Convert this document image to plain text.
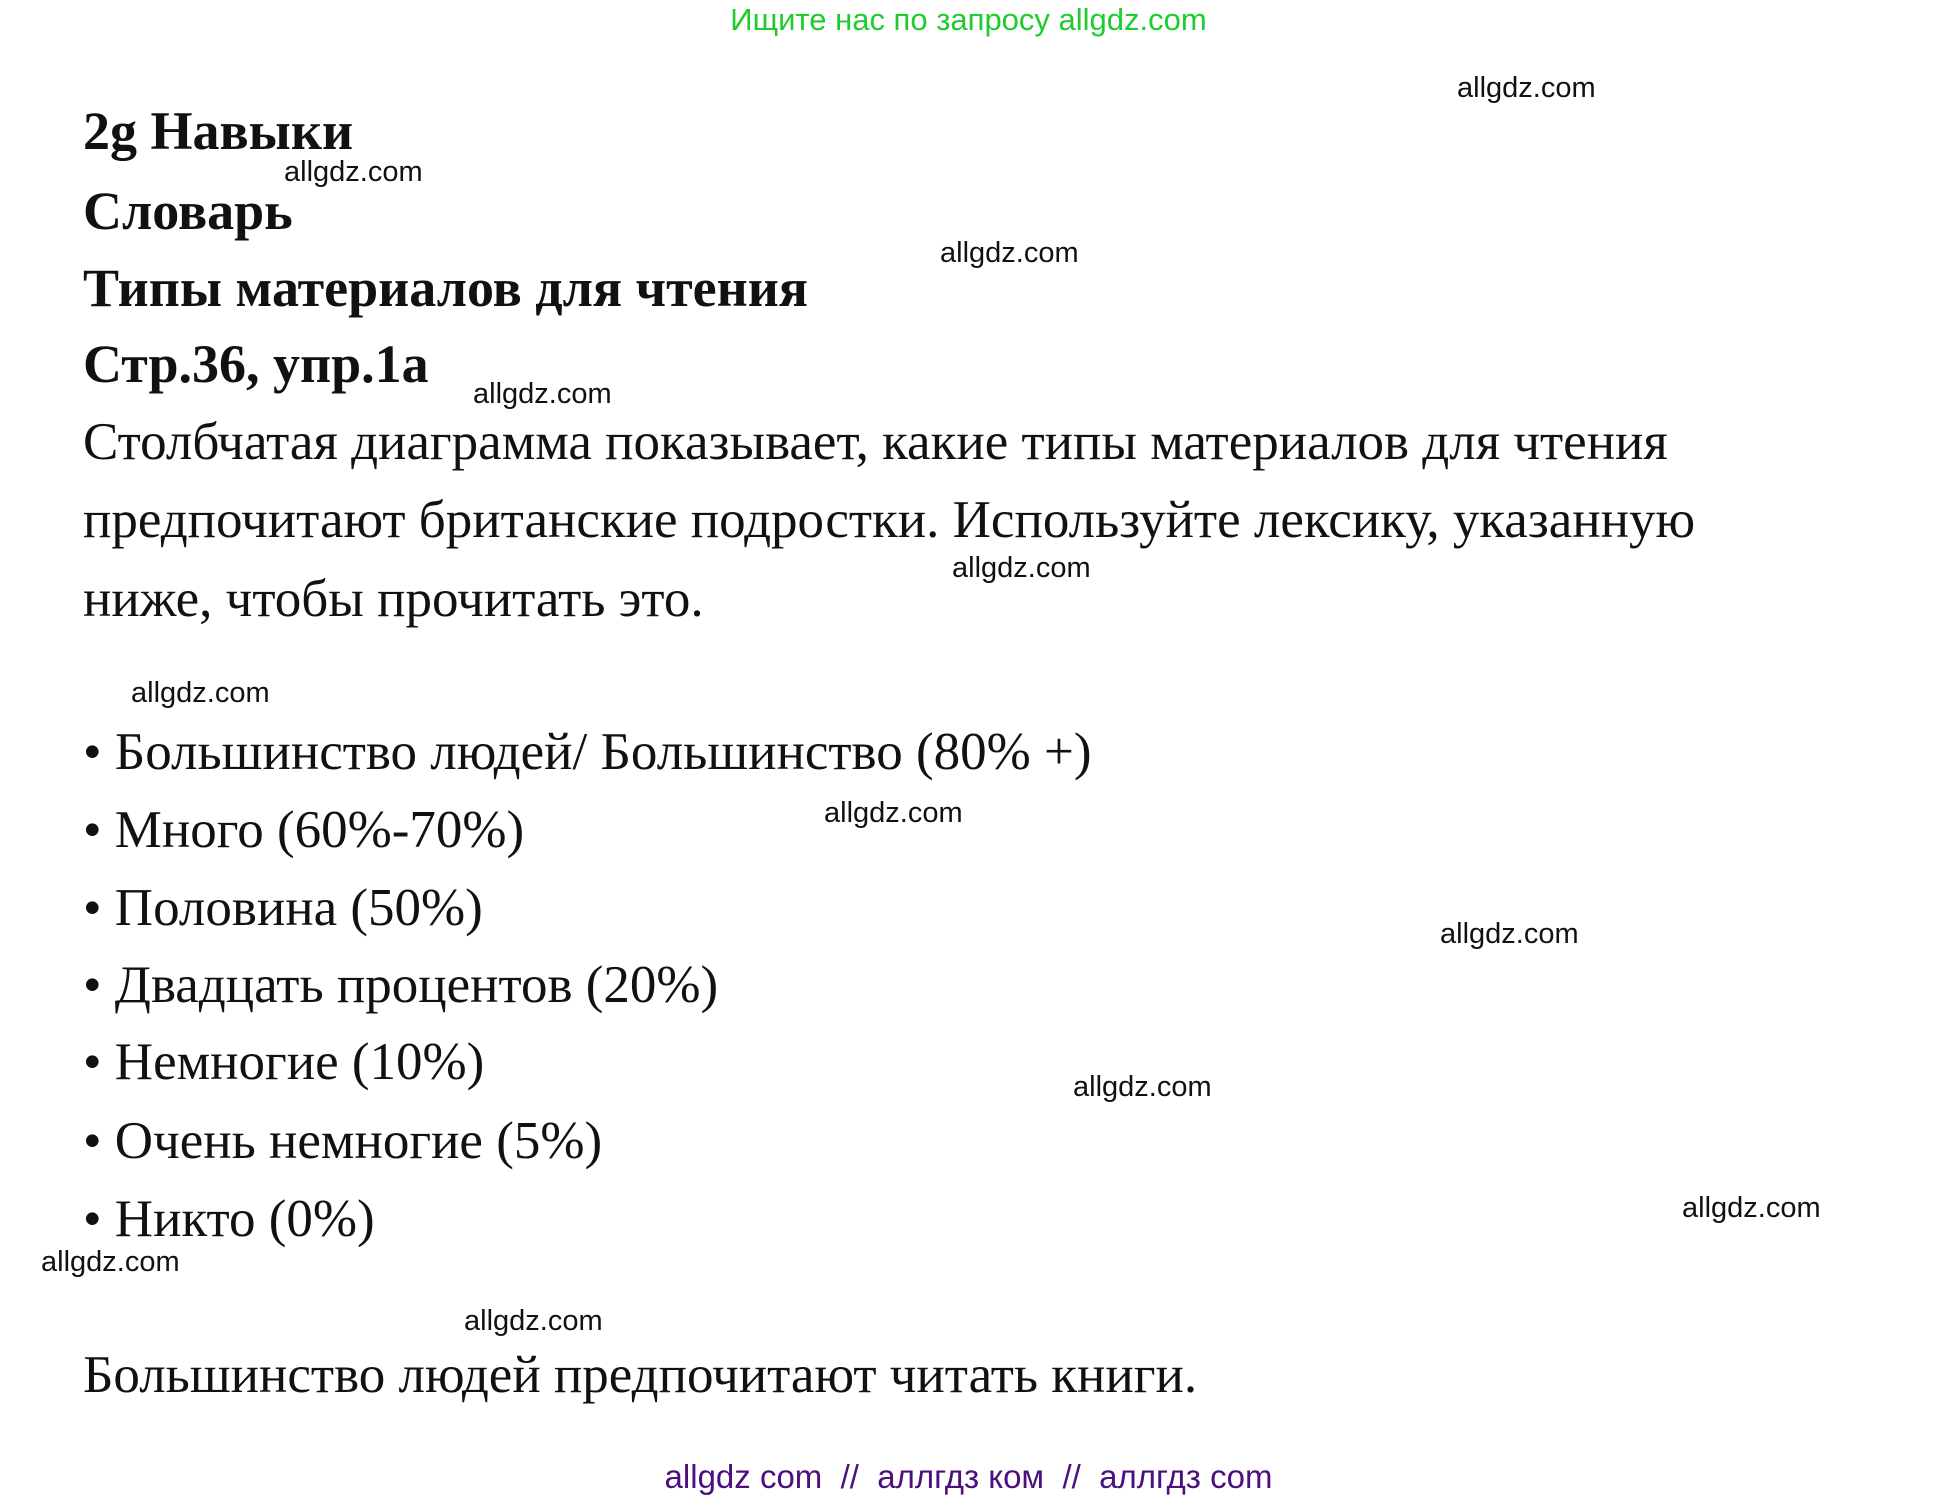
Ищите нас по запросу allgdz.com
2g Навыки
Словарь
Типы материалов для чтения
Стр.36, упр.1а
Столбчатая диаграмма показывает, какие типы материалов для чтения
предпочитают британские подростки. Используйте лексику, указанную
ниже, чтобы прочитать это.
• Большинство людей/ Большинство (80% +)
• Много (60%-70%)
• Половина (50%)
• Двадцать процентов (20%)
• Немногие (10%)
• Очень немногие (5%)
• Никто (0%)
Большинство людей предпочитают читать книги.
allgdz.com
allgdz.com
allgdz.com
allgdz.com
allgdz.com
allgdz.com
allgdz.com
allgdz.com
allgdz.com
allgdz.com
allgdz.com
allgdz.com
allgdz com  //  аллгдз ком  //  аллгдз com
